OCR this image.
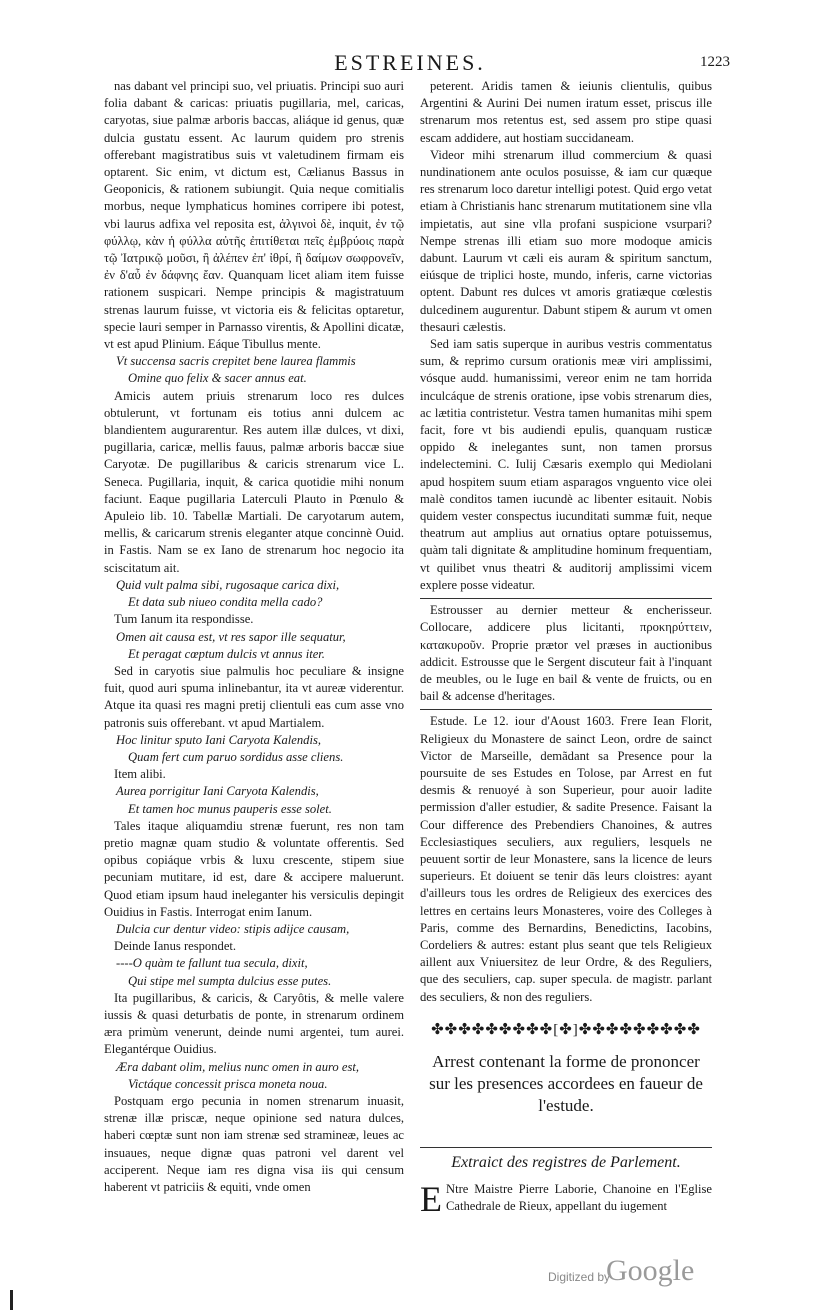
ESTREINES.	1223

nas dabant vel principi suo, vel priuatis. Principi suo auri folia dabant & caricas: priuatis pugillaria, mel, caricas, caryotas, siue palmæ arboris baccas, aliáque id genus, quæ dulcia gustatu essent. Ac laurum quidem pro strenis offerebant magistratibus suis vt valetudinem firmam eis optarent. Sic enim, vt dictum est, Cælianus Bassus in Geoponicis, & rationem subiungit. Quia neque comitialis morbus, neque lymphaticus homines corripere ibi potest, vbi laurus adfixa vel reposita est, ἀλγινοὶ δὲ, inquit, ἐν τῷ φύλλῳ, κὰν ἡ φύλλα αὐτῆς ἐπιτίθεται πεῖς ἐμβρύοις παρὰ τῷ Ἰατρικῷ μοῦσι, ἢ ἀλέπεν ἐπ' ἰθρί, ἢ δαίμων σωφρονεῖν, ἐν δ'αὖ ἐν δάφνης ἔαν. Quanquam licet aliam item fuisse rationem suspicari. Nempe principis & magistratuum strenas laurum fuisse, vt victoria eis & felicitas optaretur, specie lauri semper in Parnasso virentis, & Apollini dicatæ, vt est apud Plinium. Eáque Tibullus mente.

Vt succensa sacris crepitet bene laurea flammis

Omine quo felix & sacer annus eat.

Amicis autem priuis strenarum loco res dulces obtulerunt, vt fortunam eis totius anni dulcem ac blandientem augurarentur. Res autem illæ dulces, vt dixi, pugillaria, caricæ, mellis fauus, palmæ arboris baccæ siue Caryotæ. De pugillaribus & caricis strenarum vice L. Seneca. Pugillaria, inquit, & carica quotidie mihi nonum faciunt. Eaque pugillaria Laterculi Plauto in Pœnulo & Apuleio lib. 10. Tabellæ Martiali. De caryotarum autem, mellis, & caricarum strenis eleganter atque concinnè Ouid. in Fastis. Nam se ex Iano de strenarum hoc negocio ita sciscitatum ait.

Quid vult palma sibi, rugosaque carica dixi,

Et data sub niueo condita mella cado?

Tum Ianum ita respondisse.

Omen ait causa est, vt res sapor ille sequatur,

Et peragat cœptum dulcis vt annus iter.

Sed in caryotis siue palmulis hoc peculiare & insigne fuit, quod auri spuma inlinebantur, ita vt aureæ viderentur. Atque ita quasi res magni pretij clientuli eas cum asse vno patronis suis offerebant. vt apud Martialem.

Hoc linitur sputo Iani Caryota Kalendis,

Quam fert cum paruo sordidus asse cliens.

Item alibi.

Aurea porrigitur Iani Caryota Kalendis,

Et tamen hoc munus pauperis esse solet.

Tales itaque aliquamdiu strenæ fuerunt, res non tam pretio magnæ quam studio & voluntate offerentis. Sed opibus copiáque vrbis & luxu crescente, stipem siue pecuniam mutitare, id est, dare & accipere maluerunt. Quod etiam ipsum haud ineleganter his versiculis depingit Ouidius in Fastis. Interrogat enim Ianum.

Dulcia cur dentur video: stipis adijce causam,

Deinde Ianus respondet.

----O quàm te fallunt tua secula, dixit,

Qui stipe mel sumpta dulcius esse putes.

Ita pugillaribus, & caricis, & Caryôtis, & melle valere iussis & quasi deturbatis de ponte, in strenarum ordinem æra primùm venerunt, deinde numi argentei, tum aurei. Elegantérque Ouidius.

Æra dabant olim, melius nunc omen in auro est,

Victáque concessit prisca moneta noua.

Postquam ergo pecunia in nomen strenarum inuasit, strenæ illæ priscæ, neque opinione sed natura dulces, haberi cœptæ sunt non iam strenæ sed stramineæ, leues ac insuaues, neque dignæ quas patroni vel darent vel acciperent. Neque iam res digna visa iis qui censum haberent vt patriciis & equiti, vnde omen

peterent. Aridis tamen & ieiunis clientulis, quibus Argentini & Aurini Dei numen iratum esset, priscus ille strenarum mos retentus est, sed assem pro stipe quasi escam addidere, aut hostiam succidaneam.

Videor mihi strenarum illud commercium & quasi nundinationem ante oculos posuisse, & iam cur quæque res strenarum loco daretur intelligi potest. Quid ergo vetat etiam à Christianis hanc strenarum mutitationem sine vlla impietatis, aut sine vlla profani suspicione vsurpari? Nempe strenas illi etiam suo more modoque amicis dabunt. Laurum vt cæli eis auram & spiritum sanctum, eiúsque de triplici hoste, mundo, inferis, carne victorias optent. Dabunt res dulces vt amoris gratiæque cœlestis dulcedinem augurentur. Dabunt stipem & aurum vt omen thesauri cælestis.

Sed iam satis superque in auribus vestris commentatus sum, & reprimo cursum orationis meæ viri amplissimi, vósque audd. humanissimi, vereor enim ne tam horrida inculcáque de strenis oratione, ipse vobis strenarum dies, ac lætitia contristetur. Vestra tamen humanitas mihi spem facit, fore vt bis audiendi epulis, quanquam rusticæ oppido & inelegantes sunt, non tamen prorsus indelectemini. C. Iulij Cæsaris exemplo qui Mediolani apud hospitem suum etiam asparagos vnguento vice olei malè conditos tamen iucundè ac libenter esitauit. Nobis quidem vester conspectus iucunditati summæ fuit, neque theatrum aut amplius aut ornatius optare potuissemus, quàm tali dignitate & amplitudine hominum frequentiam, vt quilibet vnus theatri & auditorij amplissimi vicem explere posse videatur.

Estrousser au dernier metteur & encherisseur. Collocare, addicere plus licitanti, προκηρύττειν, κατακυροῦν. Proprie prætor vel præses in auctionibus addicit. Estrousse que le Sergent discuteur fait à l'inquant de meubles, ou le Iuge en bail & vente de fruicts, ou en bail & adcense d'heritages.

Estude. Le 12. iour d'Aoust 1603. Frere Iean Florit, Religieux du Monastere de sainct Leon, ordre de sainct Victor de Marseille, demãdant sa Presence pour la poursuite de ses Estudes en Tolose, par Arrest en fut desmis & renuoyé à son Superieur, pour auoir ladite permission d'aller estudier, & sadite Presence. Faisant la Cour difference des Prebendiers Chanoines, & autres Ecclesiastiques seculiers, aux reguliers, lesquels ne peuuent sortir de leur Monastere, sans la licence de leurs superieurs. Et doiuent se tenir dās leurs cloistres: ayant d'ailleurs tous les ordres de Religieux des exercices des lettres en certains leurs Monasteres, voire des Colleges à Paris, comme des Bernardins, Benedictins, Iacobins, Cordeliers & autres: estant plus seant que tels Religieux aillent aux Vniuersitez de leur Ordre, & des Reguliers, que des seculiers, cap. super specula. de magistr. parlant des seculiers, & non des reguliers.

✤✤✤✤✤✤✤✤✤[✤]✤✤✤✤✤✤✤✤✤
Arrest contenant la forme de prononcer sur les presences accordees en faueur de l'estude.
Extraict des registres de Parlement.

E Ntre Maistre Pierre Laborie, Chanoine en l'Eglise Cathedrale de Rieux, appellant du iugement

Digitized by
Google
